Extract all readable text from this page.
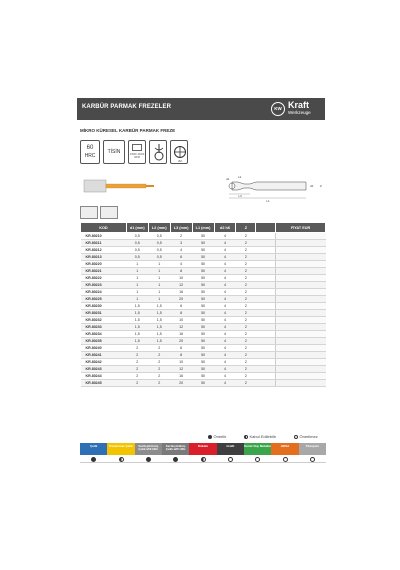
KARBÜR PARMAK FREZELER	KW Kraft
Werkzeuge
MİKRO KÜRESEL KARBÜR PARMAK FREZE
60
HRC
TİSİN	13500 10000 RPM
Z2
L1
L3
d1
d2
L2
Z
KOD	d1 (mm)	L2 (mm)	L3 (mm)	L1 (mm)	d2 h6	Z		FİYAT EUR
KR.80210	0,5	0,5	2	50	4	2		
KR.80211	0,5	0,5	3	50	4	2		
KR.80212	0,5	0,5	4	50	4	2		
KR.80213	0,5	0,5	6	50	4	2		
KR.80220	1	1	4	50	4	2		
KR.80221	1	1	8	50	4	2		
KR.80222	1	1	10	50	4	2		
KR.80223	1	1	12	50	4	2		
KR.80224	1	1	16	50	4	2		
KR.80225	1	1	20	50	4	2		
KR.80230	1,5	1,5	6	50	4	2		
KR.80231	1,5	1,5	8	50	4	2		
KR.80232	1,5	1,5	10	50	4	2		
KR.80233	1,5	1,5	12	50	4	2		
KR.80234	1,5	1,5	16	50	4	2		
KR.80235	1,5	1,5	20	50	4	2		
KR.80240	2	2	6	50	4	2		
KR.80241	2	2	8	50	4	2		
KR.80242	2	2	10	50	4	2		
KR.80243	2	2	12	50	4	2		
KR.80244	2	2	16	50	4	2		
KR.80245	2	2	20	50	4	2		
Önerilir	Kabul Edilebilir	Önerilmez
Çelik	Paslanmaz Çelik	Sertleştirilmiş Çelik ≤56 HRc
Sertleştirilmiş Çelik ≤65 HRc
Döküm	Grafit	Demir Dışı Metaller	HRSA	Titanyum
